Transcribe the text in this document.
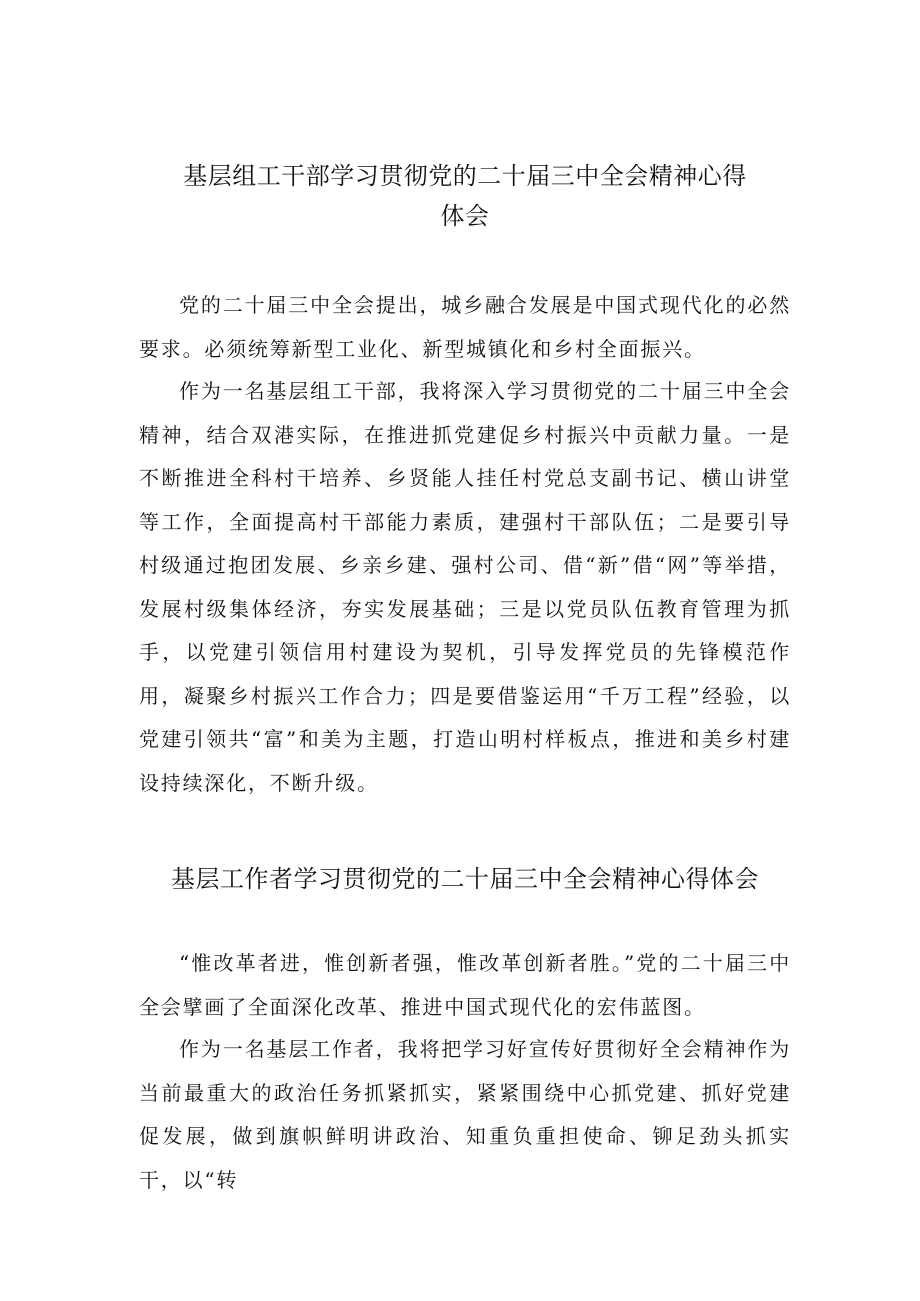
基层组工干部学习贯彻党的二十届三中全会精神心得
体会

党的二十届三中全会提出，城乡融合发展是中国式现代化的必然要求。必须统筹新型工业化、新型城镇化和乡村全面振兴。

作为一名基层组工干部，我将深入学习贯彻党的二十届三中全会精神，结合双港实际，在推进抓党建促乡村振兴中贡献力量。一是不断推进全科村干培养、乡贤能人挂任村党总支副书记、横山讲堂等工作，全面提高村干部能力素质，建强村干部队伍；二是要引导村级通过抱团发展、乡亲乡建、强村公司、借“新”借“网”等举措，发展村级集体经济，夯实发展基础；三是以党员队伍教育管理为抓手，以党建引领信用村建设为契机，引导发挥党员的先锋模范作用，凝聚乡村振兴工作合力；四是要借鉴运用“千万工程”经验，以党建引领共“富”和美为主题，打造山明村样板点，推进和美乡村建设持续深化，不断升级。

基层工作者学习贯彻党的二十届三中全会精神心得体会

“惟改革者进，惟创新者强，惟改革创新者胜。”党的二十届三中全会擘画了全面深化改革、推进中国式现代化的宏伟蓝图。

作为一名基层工作者，我将把学习好宣传好贯彻好全会精神作为当前最重大的政治任务抓紧抓实，紧紧围绕中心抓党建、抓好党建促发展，做到旗帜鲜明讲政治、知重负重担使命、铆足劲头抓实干，以“转
